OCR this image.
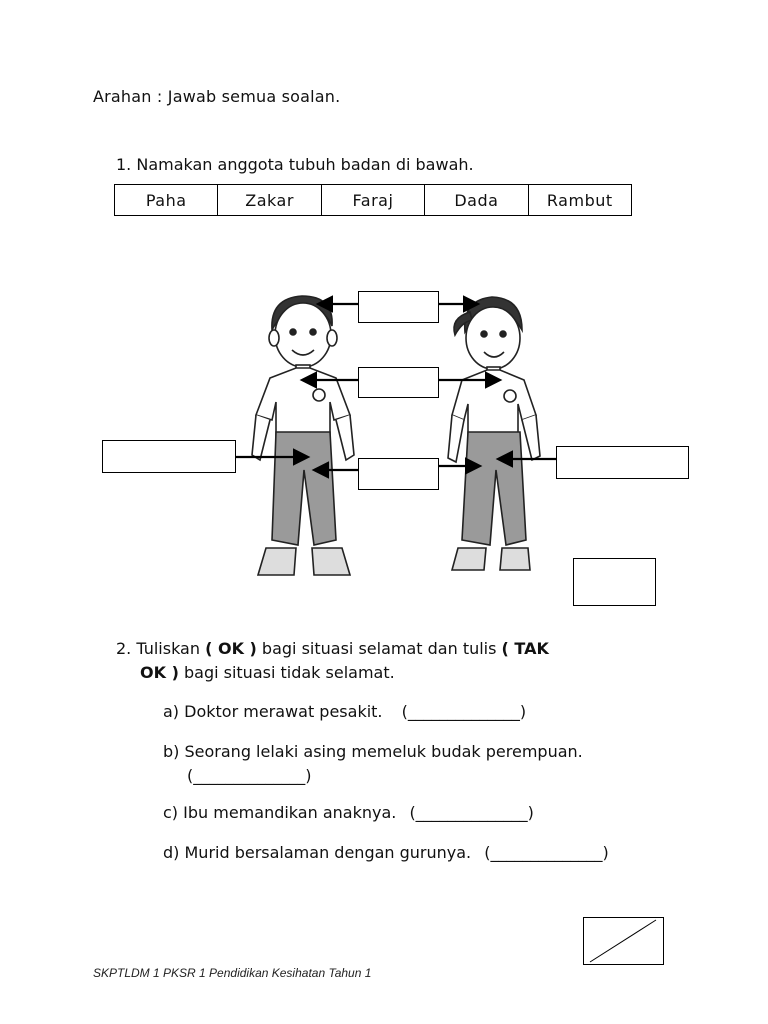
Arahan : Jawab semua soalan.
1. Namakan anggota tubuh badan di bawah.
Paha	Zakar	Faraj	Dada	Rambut
2. Tuliskan ( OK ) bagi situasi selamat dan tulis ( TAK
OK ) bagi situasi tidak selamat.
a) Doktor merawat pesakit. (______________)
b) Seorang lelaki asing memeluk budak perempuan.
(______________)
c) Ibu memandikan anaknya. (______________)
d) Murid bersalaman dengan gurunya. (______________)
SKPTLDM 1 PKSR 1 Pendidikan Kesihatan Tahun 1
